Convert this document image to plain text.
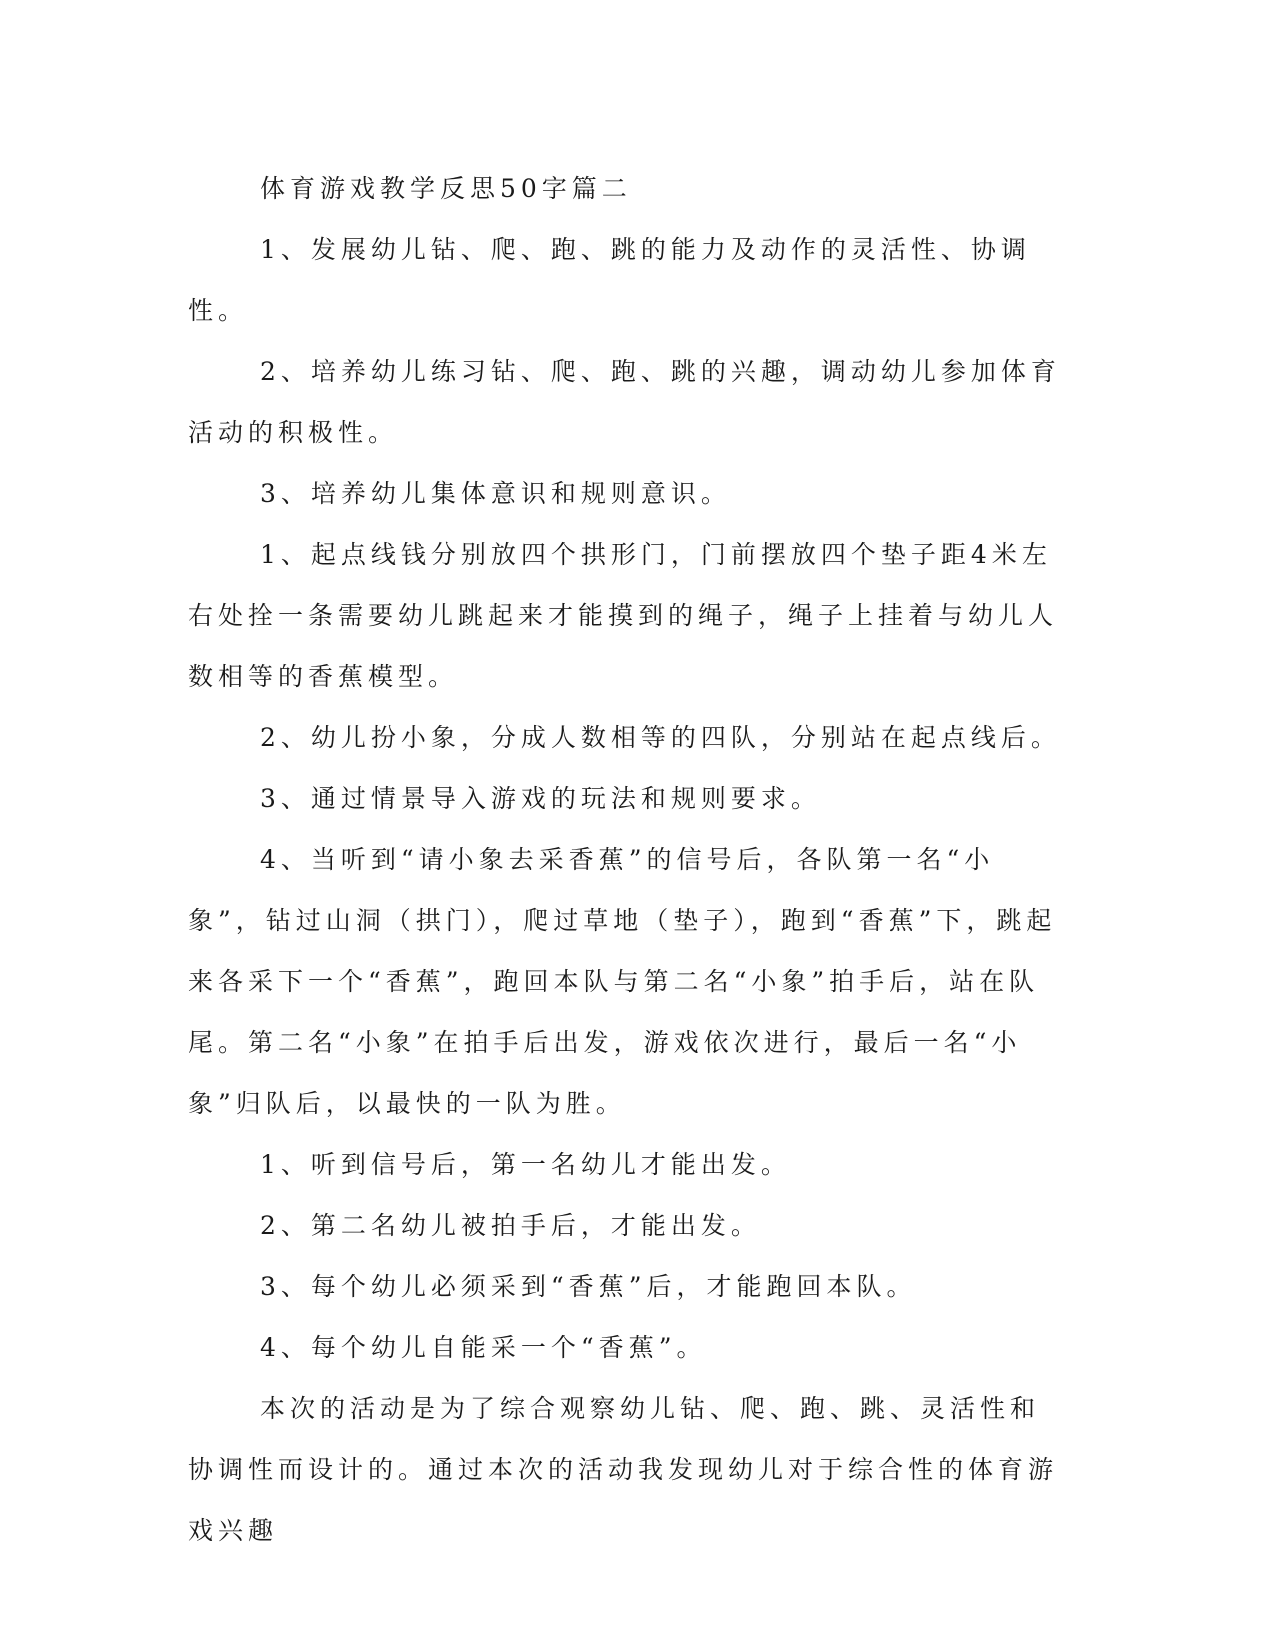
体育游戏教学反思50字篇二

1、发展幼儿钻、爬、跑、跳的能力及动作的灵活性、协调性。

2、培养幼儿练习钻、爬、跑、跳的兴趣，调动幼儿参加体育活动的积极性。

3、培养幼儿集体意识和规则意识。

1、起点线钱分别放四个拱形门，门前摆放四个垫子距4米左右处拴一条需要幼儿跳起来才能摸到的绳子，绳子上挂着与幼儿人数相等的香蕉模型。

2、幼儿扮小象，分成人数相等的四队，分别站在起点线后。

3、通过情景导入游戏的玩法和规则要求。

4、当听到“请小象去采香蕉”的信号后，各队第一名“小象”，钻过山洞（拱门），爬过草地（垫子），跑到“香蕉”下，跳起来各采下一个“香蕉”，跑回本队与第二名“小象”拍手后，站在队尾。第二名“小象”在拍手后出发，游戏依次进行，最后一名“小象”归队后，以最快的一队为胜。

1、听到信号后，第一名幼儿才能出发。

2、第二名幼儿被拍手后，才能出发。

3、每个幼儿必须采到“香蕉”后，才能跑回本队。

4、每个幼儿自能采一个“香蕉”。

本次的活动是为了综合观察幼儿钻、爬、跑、跳、灵活性和协调性而设计的。通过本次的活动我发现幼儿对于综合性的体育游戏兴趣
